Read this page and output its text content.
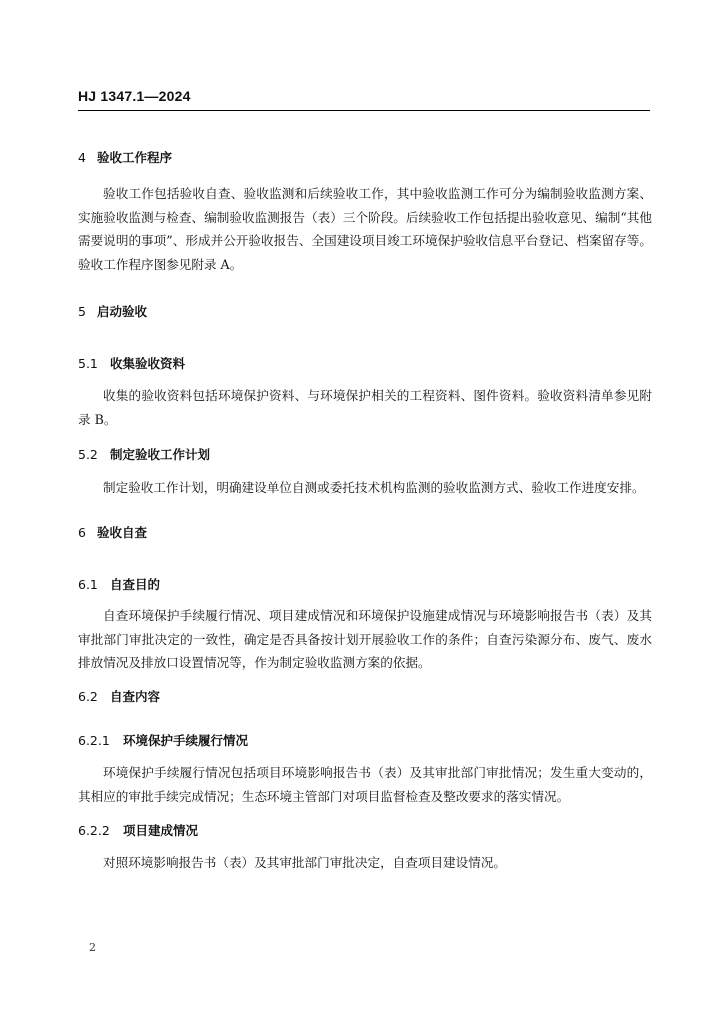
HJ 1347.1—2024
4 验收工作程序
验收工作包括验收自查、验收监测和后续验收工作，其中验收监测工作可分为编制验收监测方案、实施验收监测与检查、编制验收监测报告（表）三个阶段。后续验收工作包括提出验收意见、编制“其他需要说明的事项”、形成并公开验收报告、全国建设项目竣工环境保护验收信息平台登记、档案留存等。验收工作程序图参见附录 A。
5 启动验收
5.1 收集验收资料
收集的验收资料包括环境保护资料、与环境保护相关的工程资料、图件资料。验收资料清单参见附录 B。
5.2 制定验收工作计划
制定验收工作计划，明确建设单位自测或委托技术机构监测的验收监测方式、验收工作进度安排。
6 验收自查
6.1 自查目的
自查环境保护手续履行情况、项目建成情况和环境保护设施建成情况与环境影响报告书（表）及其审批部门审批决定的一致性，确定是否具备按计划开展验收工作的条件；自查污染源分布、废气、废水排放情况及排放口设置情况等，作为制定验收监测方案的依据。
6.2 自查内容
6.2.1 环境保护手续履行情况
环境保护手续履行情况包括项目环境影响报告书（表）及其审批部门审批情况；发生重大变动的，其相应的审批手续完成情况；生态环境主管部门对项目监督检查及整改要求的落实情况。
6.2.2 项目建成情况
对照环境影响报告书（表）及其审批部门审批决定，自查项目建设情况。
2
